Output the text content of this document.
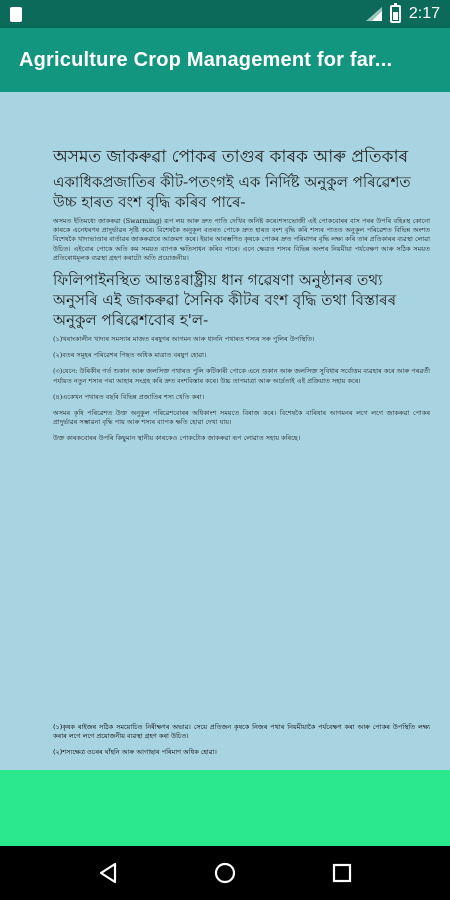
2:17
Agriculture Crop Management for far...
অসমত জাকৰুৱা পোকৰ তাগুৰ কাৰক আৰু প্ৰতিকাৰ
একাধিকপ্ৰজাতিৰ কীট-পতংগই এক নিৰ্দিষ্ট অনুকুল পৰিৱেশত উচ্চ হাৰত বংশ বৃদ্ধি কৰিব পাৰে-
অসমত ইতিমধ্যে জাকৰুৱা (Swarming) রূপ লয় আৰু দ্ৰুত পাতি দেখিব অনিষ্ট কৰে।শস্যভোজী এই পোকবোৰৰ বাস পৰৰ উপৰি বহিঃস্থ কোনো কাৰকে এনেধৰণৰ প্ৰাদুৰ্ভাৱৰ সৃষ্টি কৰে। বিশেষকৈ অনুকূল বতৰত পোকে দ্ৰুত হাৰত বংশ বৃদ্ধি কৰি শস্যৰ পাতত অনুকূল পৰিৱেশত বিভিন্ন অংশত বিশেষকৈ খাদ্যভাণ্ডাৰ বাৰ্তাৱৰ জাকৰুৱাৰে আক্ৰমণ কৰে। ইয়াৰ আৰম্ভণিত কৃষকে পোকৰ দ্ৰুত পৰিমাণৰ বৃদ্ধি লক্ষ্য কৰি তাৰ প্ৰতিকাৰৰ ব্যৱস্থা লোৱা উচিত। এইবোৰ পোকে অতি কম সময়ত ব্যাপক ক্ষতিসাধন কৰিব পাৰে। এনে ক্ষেত্ৰত শস্যৰ বিভিন্ন অংশৰ নিয়মীয়া পৰ্যবেক্ষণ আৰু সঠিক সময়ত প্ৰতিৰোধমূলক ব্যৱস্থা গ্ৰহণ কৰাটো অতি প্ৰয়োজনীয়।
ফিলিপাইনস্থিত আন্তঃৰাষ্ট্ৰীয় ধান গৱেষণা অনুষ্ঠানৰ তথ্য অনুসৰি এই জাকৰুৱা সৈনিক কীটৰ বংশ বৃদ্ধি তথা বিস্তাৰৰ অনুকুল পৰিৱেশবোৰ হ'ল-
(১)খৰাংকালীন খাদ্যৰ সমস্যাৰ মাজত বৰষুণৰ আগমন আৰু ধাননি পথাৰত শস্যৰ সৰু পুলিৰ উপস্থিতি।
(২)বতৰ সমূহৰ পৰিৱেশৰ পিছত অধিক মাত্ৰাত বৰষুণ হোৱা।
(৩)যেনে: উৰিকীৰ গৰ্ত শুকান আৰু জলসিক্ত পথাৰত পুলি কটিকাৰী পোকে এনে শুকান আৰু জলসিক্ত সুবিধাৰ সৰ্বোত্তম ব্যৱহাৰ কৰে আৰু পৰৱৰ্তী পৰ্যায়ত নতুন শস্যৰ পৰা আহাৰ সংগ্ৰহ কৰি দ্ৰুত বংশবিস্তাৰ কৰে। উচ্চ তাপমাত্ৰা আৰু আৰ্দ্ৰতাই এই প্ৰক্ৰিয়াত সহায় কৰে।
(৪)একেখন পথাৰত বছৰি বিভিন্ন প্ৰজাতিৰ শস্য খেতি কৰা।
অসমৰ কৃষি পৰিৱেশত উক্ত অনুকুল পৰিৱেশবোৰৰ অধিকাংশ সময়তে বিৰাজ কৰে। বিশেষকৈ বাৰিষাৰ আগমনৰ লগে লগে জাকৰুৱা পোকৰ প্ৰাদুৰ্ভাৱৰ সম্ভাৱনা বৃদ্ধি পায় আৰু শস্যৰ ব্যাপক ক্ষতি হোৱা দেখা যায়।
উক্ত কাৰকবোৰৰ উপৰি কিছুমান স্থানীয় কাৰকেও পোকটোক জাকৰুৱা ৰূপ লোৱাত সহায় কৰিছে।
(১)কৃষক ৰাইজৰ সঠিক সময়োচিত নিৰীক্ষণৰ অভাৱ। সেয়ে প্ৰতিজন কৃষকে নিজৰ পথাৰ নিয়মীয়াকৈ পৰ্যবেক্ষণ কৰা আৰু পোকৰ উপস্থিতি লক্ষ্য কৰাৰ লগে লগে প্ৰয়োজনীয় ব্যৱস্থা গ্ৰহণ কৰা উচিত।
(২)শস্যক্ষেত্ৰ ওচৰৰ ঘাঁহনি আৰু আগাছাৰ পৰিমাণ অধিক হোৱা।
